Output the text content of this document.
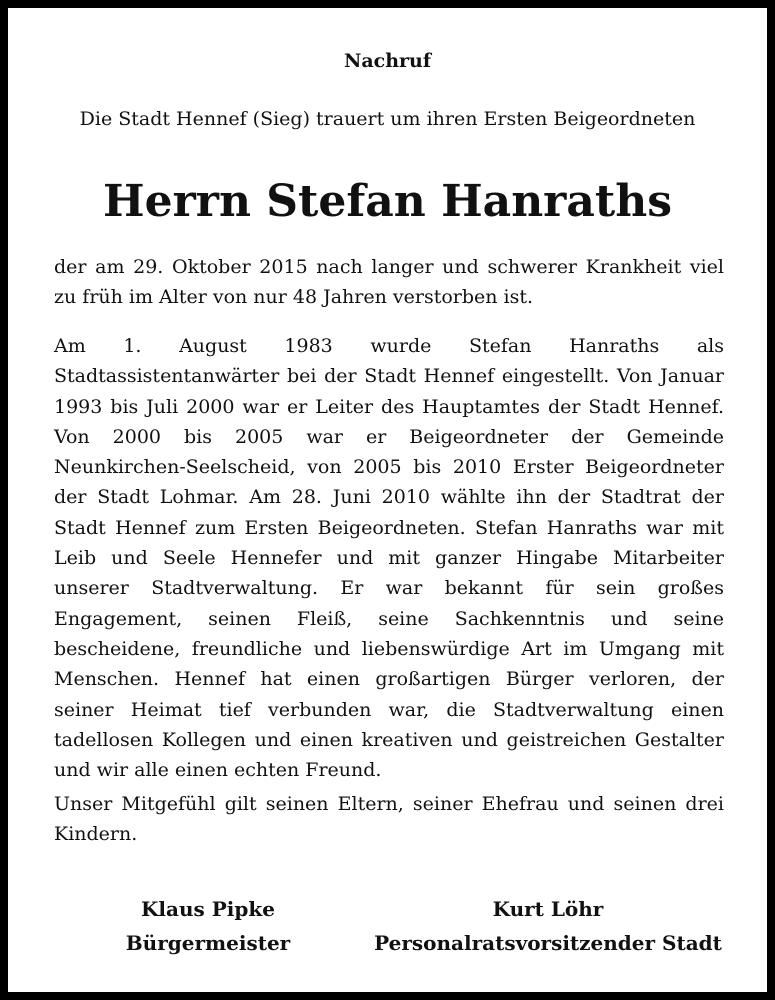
Nachruf
Die Stadt Hennef (Sieg) trauert um ihren Ersten Beigeordneten
Herrn Stefan Hanraths

der am 29. Oktober 2015 nach langer und schwerer Krankheit viel zu früh im Alter von nur 48 Jahren verstorben ist.

Am 1. August 1983 wurde Stefan Hanraths als Stadtassistentanwärter bei der Stadt Hennef eingestellt. Von Januar 1993 bis Juli 2000 war er Leiter des Hauptamtes der Stadt Hennef. Von 2000 bis 2005 war er Beigeordneter der Gemeinde Neunkirchen-Seelscheid, von 2005 bis 2010 Erster Beigeordneter der Stadt Lohmar. Am 28. Juni 2010 wählte ihn der Stadtrat der Stadt Hennef zum Ersten Beigeordneten. Stefan Hanraths war mit Leib und Seele Hennefer und mit ganzer Hingabe Mitarbeiter unserer Stadtverwaltung. Er war bekannt für sein großes Engagement, seinen Fleiß, seine Sachkenntnis und seine bescheidene, freundliche und liebenswürdige Art im Umgang mit Menschen. Hennef hat einen großartigen Bürger verloren, der seiner Heimat tief verbunden war, die Stadtverwaltung einen tadellosen Kollegen und einen kreativen und geistreichen Gestalter und wir alle einen echten Freund.

Unser Mitgefühl gilt seinen Eltern, seiner Ehefrau und seinen drei Kindern.

Klaus Pipke
Bürgermeister
Kurt Löhr
Personalratsvorsitzender Stadt
